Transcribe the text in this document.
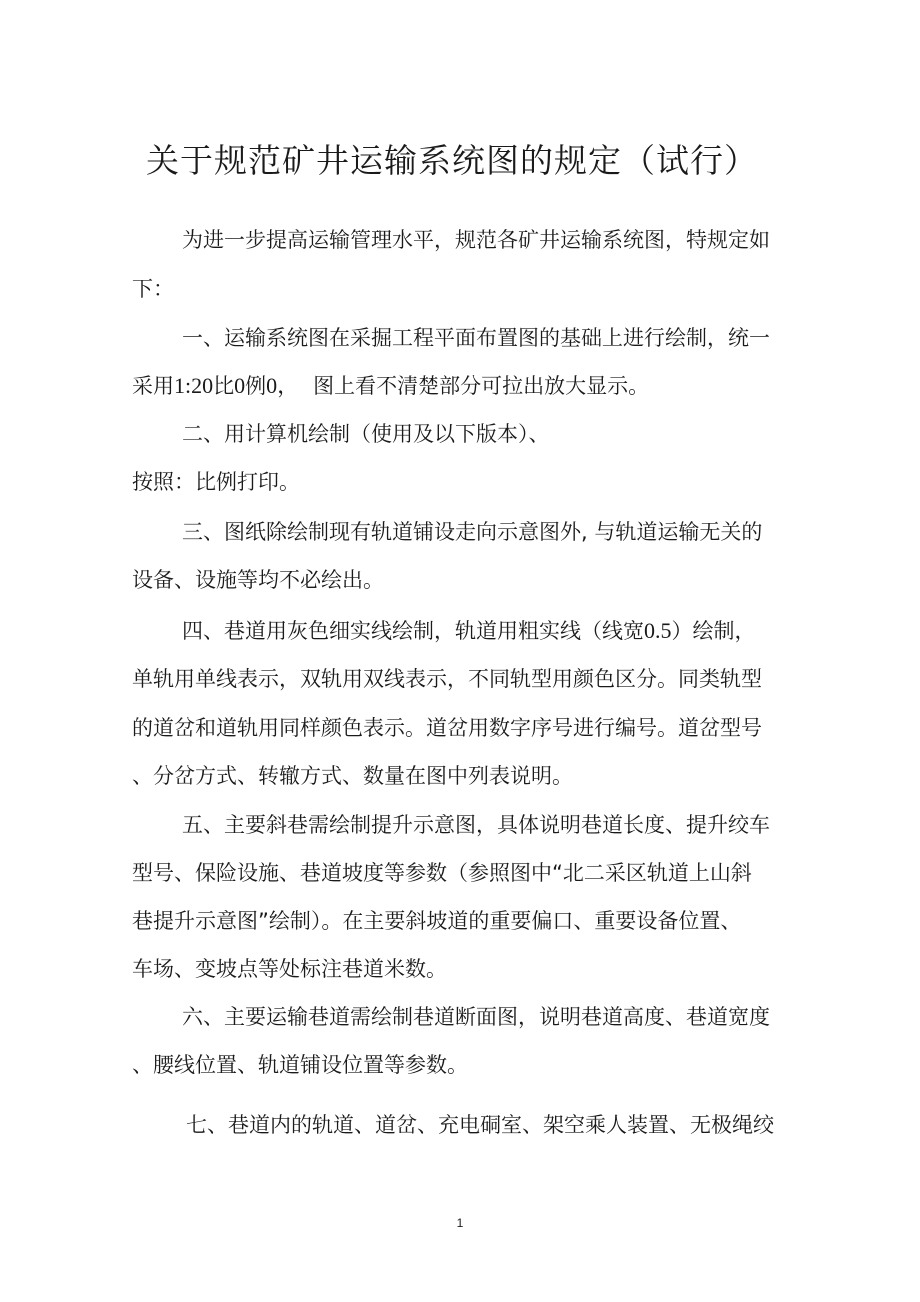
关于规范矿井运输系统图的规定（试行）
为进一步提高运输管理水平，规范各矿井运输系统图，特规定如
下：
一、运输系统图在采掘工程平面布置图的基础上进行绘制，统一
采用1:20比0例0， 图上看不清楚部分可拉出放大显示。
二、用计算机绘制（使用及以下版本）、
按照：比例打印。
三、图纸除绘制现有轨道铺设走向示意图外, 与轨道运输无关的
设备、设施等均不必绘出。
四、巷道用灰色细实线绘制，轨道用粗实线（线宽0.5）绘制，
单轨用单线表示，双轨用双线表示，不同轨型用颜色区分。同类轨型
的道岔和道轨用同样颜色表示。道岔用数字序号进行编号。道岔型号
、分岔方式、转辙方式、数量在图中列表说明。
五、主要斜巷需绘制提升示意图，具体说明巷道长度、提升绞车
型号、保险设施、巷道坡度等参数（参照图中“北二采区轨道上山斜
巷提升示意图”绘制）。在主要斜坡道的重要偏口、重要设备位置、
车场、变坡点等处标注巷道米数。
六、主要运输巷道需绘制巷道断面图，说明巷道高度、巷道宽度
、腰线位置、轨道铺设位置等参数。
七、巷道内的轨道、道岔、充电硐室、架空乘人装置、无极绳绞
1
